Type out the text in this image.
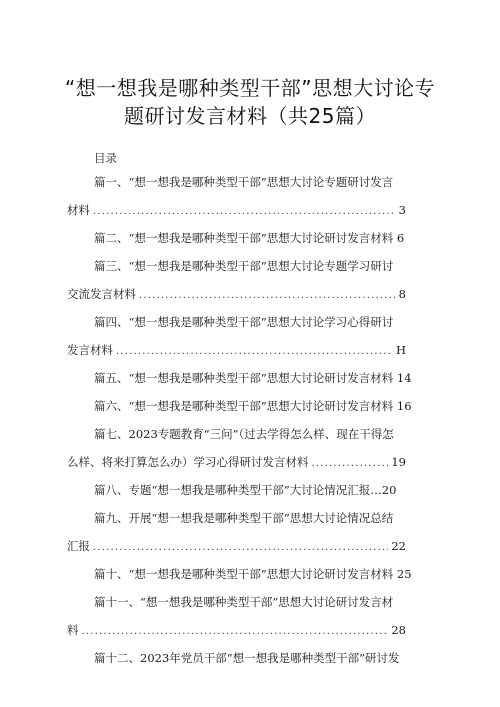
“想一想我是哪种类型干部”思想大讨论专
题研讨发言材料（共25篇）
目录
篇一、“想一想我是哪种类型干部”思想大讨论专题研讨发言
材料 .....	3
篇二、“想一想我是哪种类型干部”思想大讨论研讨发言材料 6
篇三、“想一想我是哪种类型干部”思想大讨论专题学习研讨
交流发言材料 .....	8
篇四、“想一想我是哪种类型干部”思想大讨论学习心得研讨
发言材料 .....	H
篇五、“想一想我是哪种类型干部”思想大讨论研讨发言材料 14
篇六、“想一想我是哪种类型干部”思想大讨论研讨发言材料 16
篇七、2023专题教育“三问”（过去学得怎么样、现在干得怎
么样、将来打算怎么办）学习心得研讨发言材料 .....	19
篇八、专题“想一想我是哪种类型干部”大讨论情况汇报…20
篇九、开展“想一想我是哪种类型干部”思想大讨论情况总结
汇报 .....	22
篇十、“想一想我是哪种类型干部”思想大讨论研讨发言材料 25
篇十一、“想一想我是哪种类型干部”思想大讨论研讨发言材
料 .....	28
篇十二、2023年党员干部“想一想我是哪种类型干部”研讨发
